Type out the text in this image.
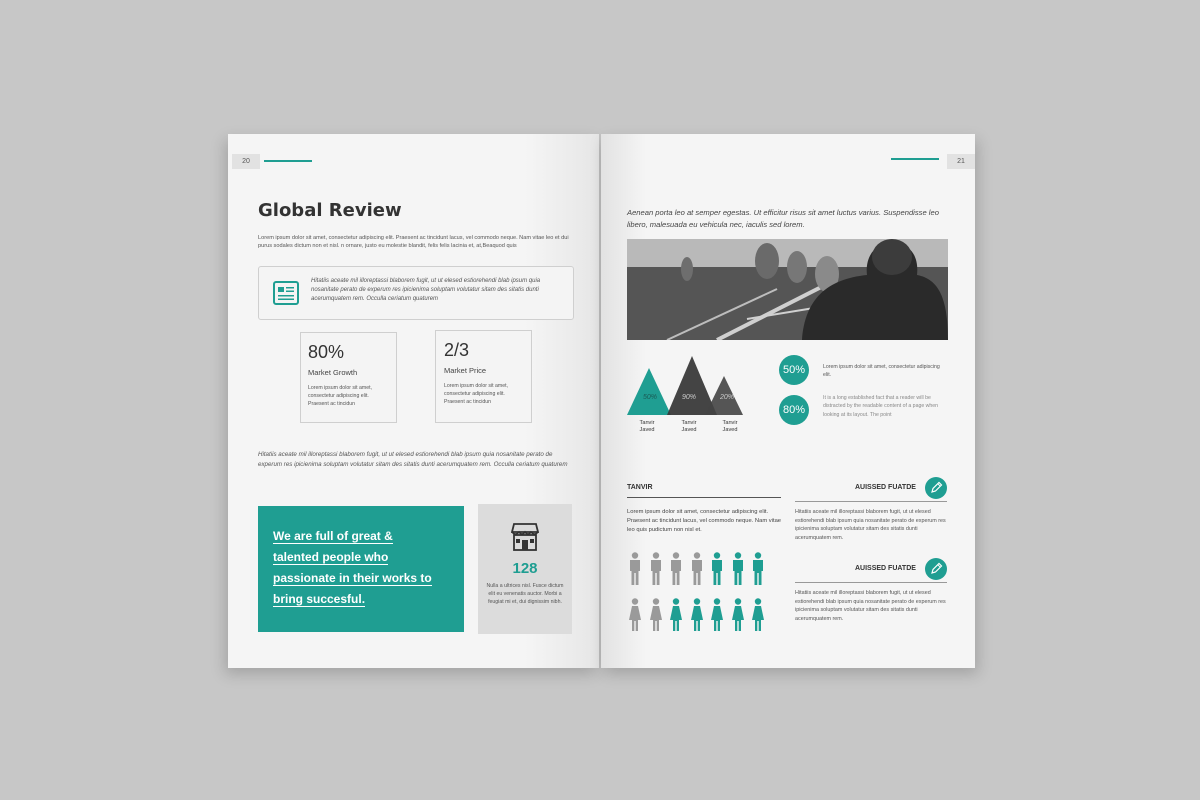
20
Global Review
Lorem ipsum dolor sit amet, consectetur adipiscing elit. Praesent ac tincidunt lacus, vel commodo neque. Nam vitae leo et dui purus sodales dictum non et nisl. n ornare, justo eu molestie blandit, felis felis lacinia et, at,Beaquod quis
Hitatiis aceate mil illoreptassi blaborem fugit, ut ut elesed estiorehendi blab ipsum quia nosanitate perato de experum res ipicienima soluptam volutatur sitam des sitatis dunti acerumquatem rem. Occulla ceriatum quaturem
80%
Market Growth
Lorem ipsum dolor sit amet, consectetur adipiscing elit. Praesent ac tincidun
2/3
Market Price
Lorem ipsum dolor sit amet, consectetur adipiscing elit. Praesent ac tincidun
Hitatiis aceate mil illoreptassi blaborem fugit, ut ut elesed estiorehendi blab ipsum quia nosanitate perato de experum res ipicienima soluptam volutatur sitam des sitatis dunti acerumquatem rem. Occulla ceriatum quaturem
We are full of great &
talented people who
passionate in their works to
bring succesful.
128
Nulla a ultrices nisl. Fusce dictum elit eu venenatis auctor. Morbi a feugiat mi et, dui dignissim nibh.
21
Aenean porta leo at semper egestas. Ut efficitur risus sit amet luctus varius. Suspendisse leo libero, malesuada eu vehicula nec, iaculis sed lorem.
50%	90%	20%
Tanvir
Javed
Tanvir
Javed
Tanvir
Javed
50%	Lorem ipsum dolor sit amet, consectetur adipiscing elit.
80%
It is a long established fact that a reader will be distracted by the readable content of a page when looking at its layout. The point
TANVIR
Lorem ipsum dolor sit amet, consectetur adipiscing elit. Praesent ac tincidunt lacus, vel commodo neque. Nam vitae leo quis pudictum non nisl et.
AUISSED FUATDE
Hitatiis aceate mil illoreptassi blaborem fugit, ut ut elesed estiorehendi blab ipsum quia nosanitate perato de experum res ipicienima soluptam volutatur sitam des sitatis dunti acerumquatem rem.
AUISSED FUATDE
Hitatiis aceate mil illoreptassi blaborem fugit, ut ut elesed estiorehendi blab ipsum quia nosanitate perato de experum res ipicienima soluptam volutatur sitam des sitatis dunti acerumquatem rem.
